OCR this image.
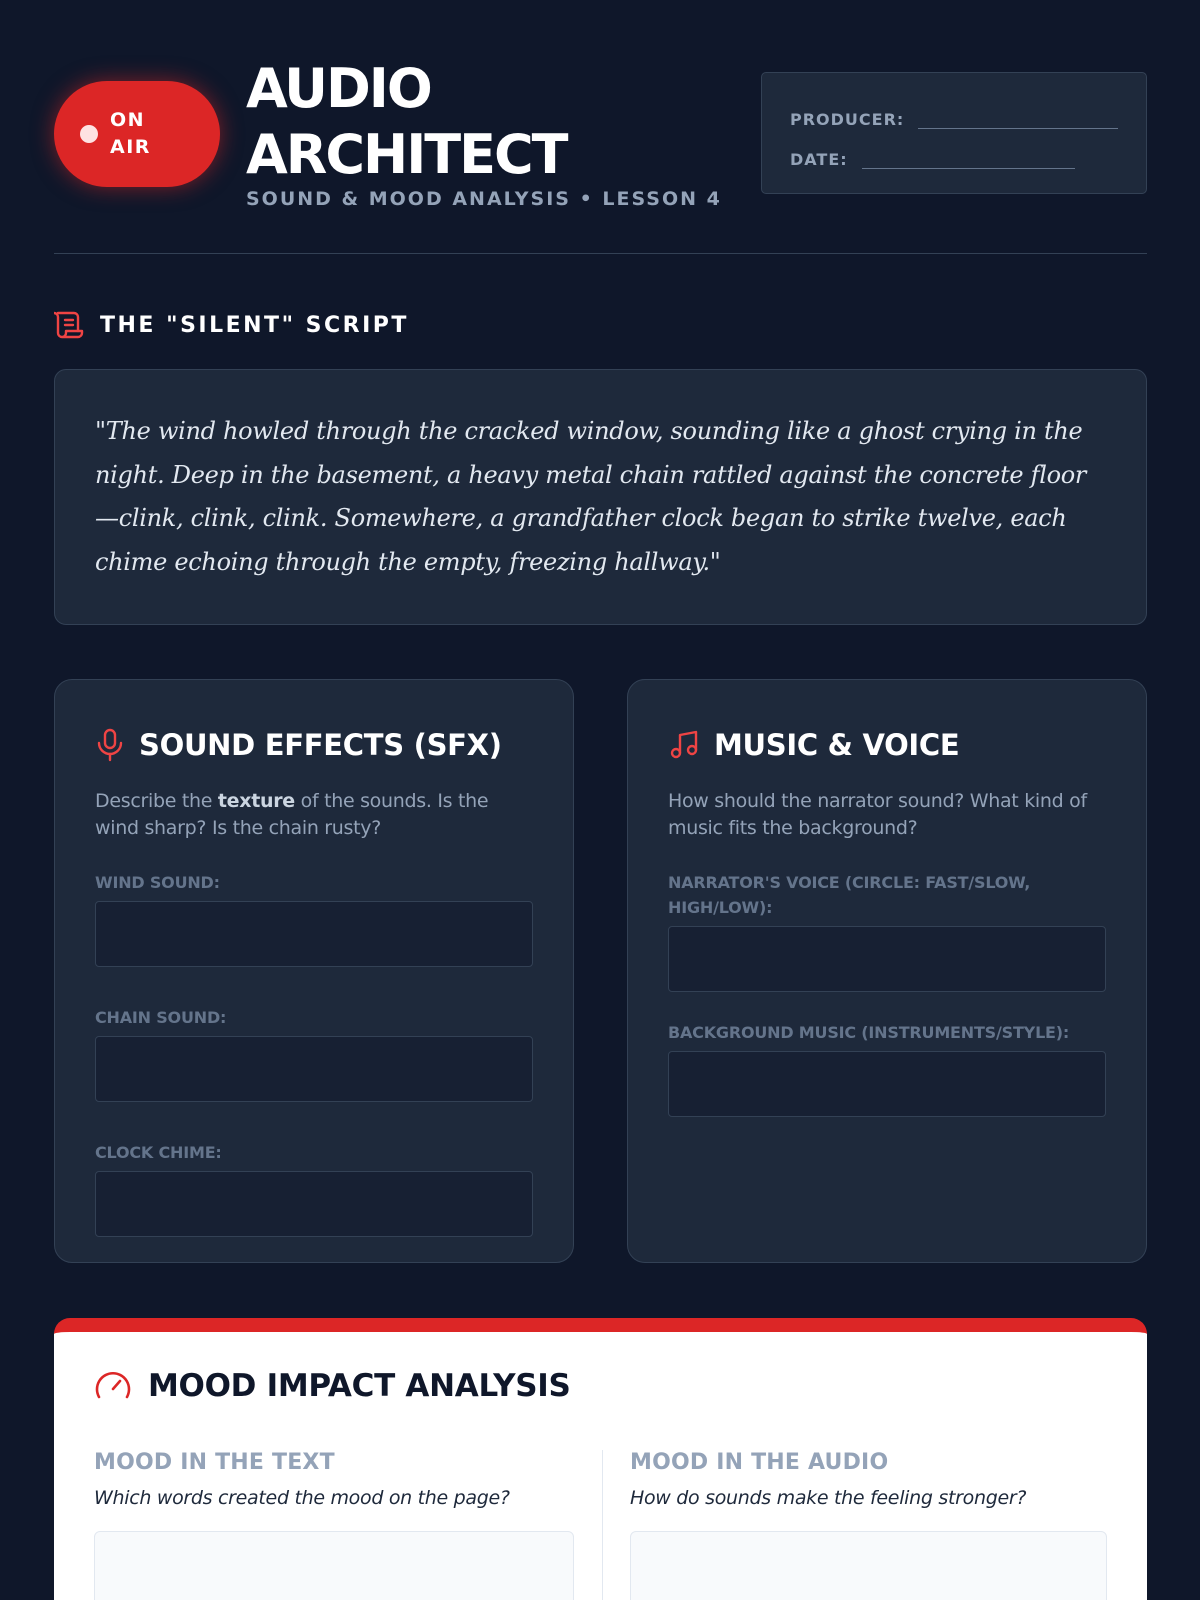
ON AIR
AUDIO ARCHITECT
SOUND & MOOD ANALYSIS • LESSON 4
PRODUCER:
DATE:
THE "SILENT" SCRIPT

"The wind howled through the cracked window, sounding like a ghost crying in the night. Deep in the basement, a heavy metal chain rattled against the concrete floor—clink, clink, clink. Somewhere, a grandfather clock began to strike twelve, each chime echoing through the empty, freezing hallway."

SOUND EFFECTS (SFX)
Describe the texture of the sounds. Is the wind sharp? Is the chain rusty?
WIND SOUND:
CHAIN SOUND:
CLOCK CHIME:
MUSIC & VOICE
How should the narrator sound? What kind of music fits the background?
NARRATOR'S VOICE (CIRCLE: FAST/SLOW, HIGH/LOW):
BACKGROUND MUSIC (INSTRUMENTS/STYLE):
MOOD IMPACT ANALYSIS
MOOD IN THE TEXT
Which words created the mood on the page?
MOOD IN THE AUDIO
How do sounds make the feeling stronger?
